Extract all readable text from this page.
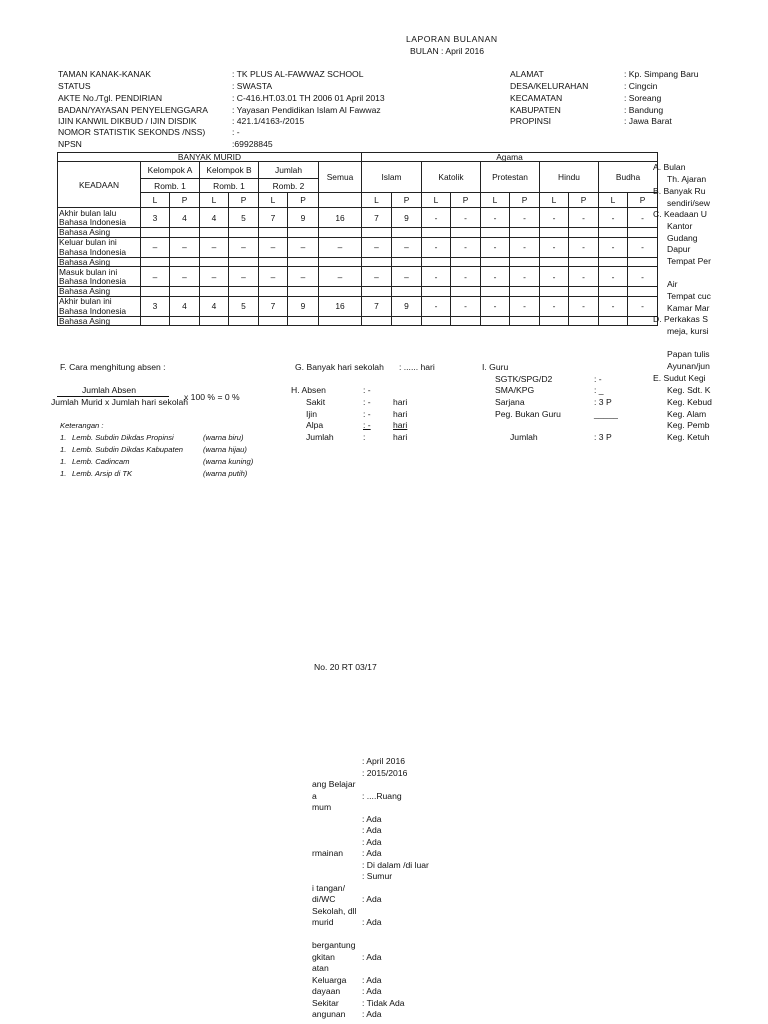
LAPORAN BULANAN
BULAN : April 2016
TAMAN KANAK-KANAK	: TK PLUS AL-FAWWAZ SCHOOL
STATUS	: SWASTA
AKTE No./Tgl. PENDIRIAN	: C-416.HT.03.01 TH 2006 01 April 2013
BADAN/YAYASAN PENYELENGGARA	: Yayasan Pendidikan Islam Al Fawwaz
IJIN KANWIL DIKBUD / IJIN DISDIK	: 421.1/4163-/2015
NOMOR STATISTIK SEKONDS /NSS)	: -
NPSN	:69928845
ALAMAT	: Kp. Simpang Baru
DESA/KELURAHAN	: Cingcin
KECAMATAN	: Soreang
KABUPATEN	: Bandung
PROPINSI	: Jawa Barat
BANYAK MURID								Agama									
KEADAAN	Kelompok A		Kelompok B		Jumlah		Semua	Islam		Katolik		Protestan		Hindu		Budha	
	Romb. 1		Romb. 1		Romb. 2												
	L	P	L	P	L	P		L	P	L	P	L	P	L	P	L	P

Akhir bulan lalu
Bahasa Indonesia	3	4	4	5	7	9	16	7	9	-	-	-	-	-	-	-	-

Bahasa Asing																	

Keluar bulan ini
Bahasa Indonesia	–	–	–	–	–	–	–	–	–	-	-	-	-	-	-	-	-

Bahasa Asing																	

Masuk bulan ini
Bahasa Indonesia	–	–	–	–	–	–	–	–	–	-	-	-	-	-	-	-	-

Bahasa Asing																	

Akhir bulan ini
Bahasa Indonesia	3	4	4	5	7	9	16	7	9	-	-	-	-	-	-	-	-

Bahasa Asing																	
A. Bulan
Th. Ajaran
B. Banyak Ru
sendiri/sew
C. Keadaan U
Kantor
Gudang
Dapur
Tempat Per
Air
Tempat cuc
Kamar Mar
D. Perkakas S
meja, kursi
Papan tulis
Ayunan/jun
E. Sudut Kegi
Keg. Sdt. K
Keg. Kebud
Keg. Alam
Keg. Pemb
Keg. Ketuh
F. Cara menghitung absen :
Jumlah Absen
Jumlah Murid x Jumlah hari sekolah
x 100 % = 0 %
Keterangan :
1. Lemb. Subdin Dikdas Propinsi	(warna biru)
1. Lemb. Subdin Dikdas Kabupaten	(warna hijau)
1. Lemb. Cadincam	(warna kuning)
1. Lemb. Arsip di TK	(warna putih)
G. Banyak hari sekolah : ...... hari
H. Absen	: -
Sakit	: -	hari
Ijin	: -	hari
Alpa	: -	hari
Jumlah	:	hari
I. Guru
SGTK/SPG/D2	: -
SMA/KPG	: _
Sarjana	: 3 P
Peg. Bukan Guru	_____
Jumlah	: 3 P
No. 20 RT 03/17
: April 2016
: 2015/2016
ang Belajar
a	: ....Ruang
mum
: Ada
: Ada
: Ada
rmainan : Ada
: Di dalam /di luar
: Sumur
i tangan/
di/WC	: Ada
Sekolah, dll
murid	: Ada
bergantung
gkitan	: Ada
atan
Keluarga : Ada
dayaan	: Ada
Sekitar	: Tidak Ada
angunan : Ada
